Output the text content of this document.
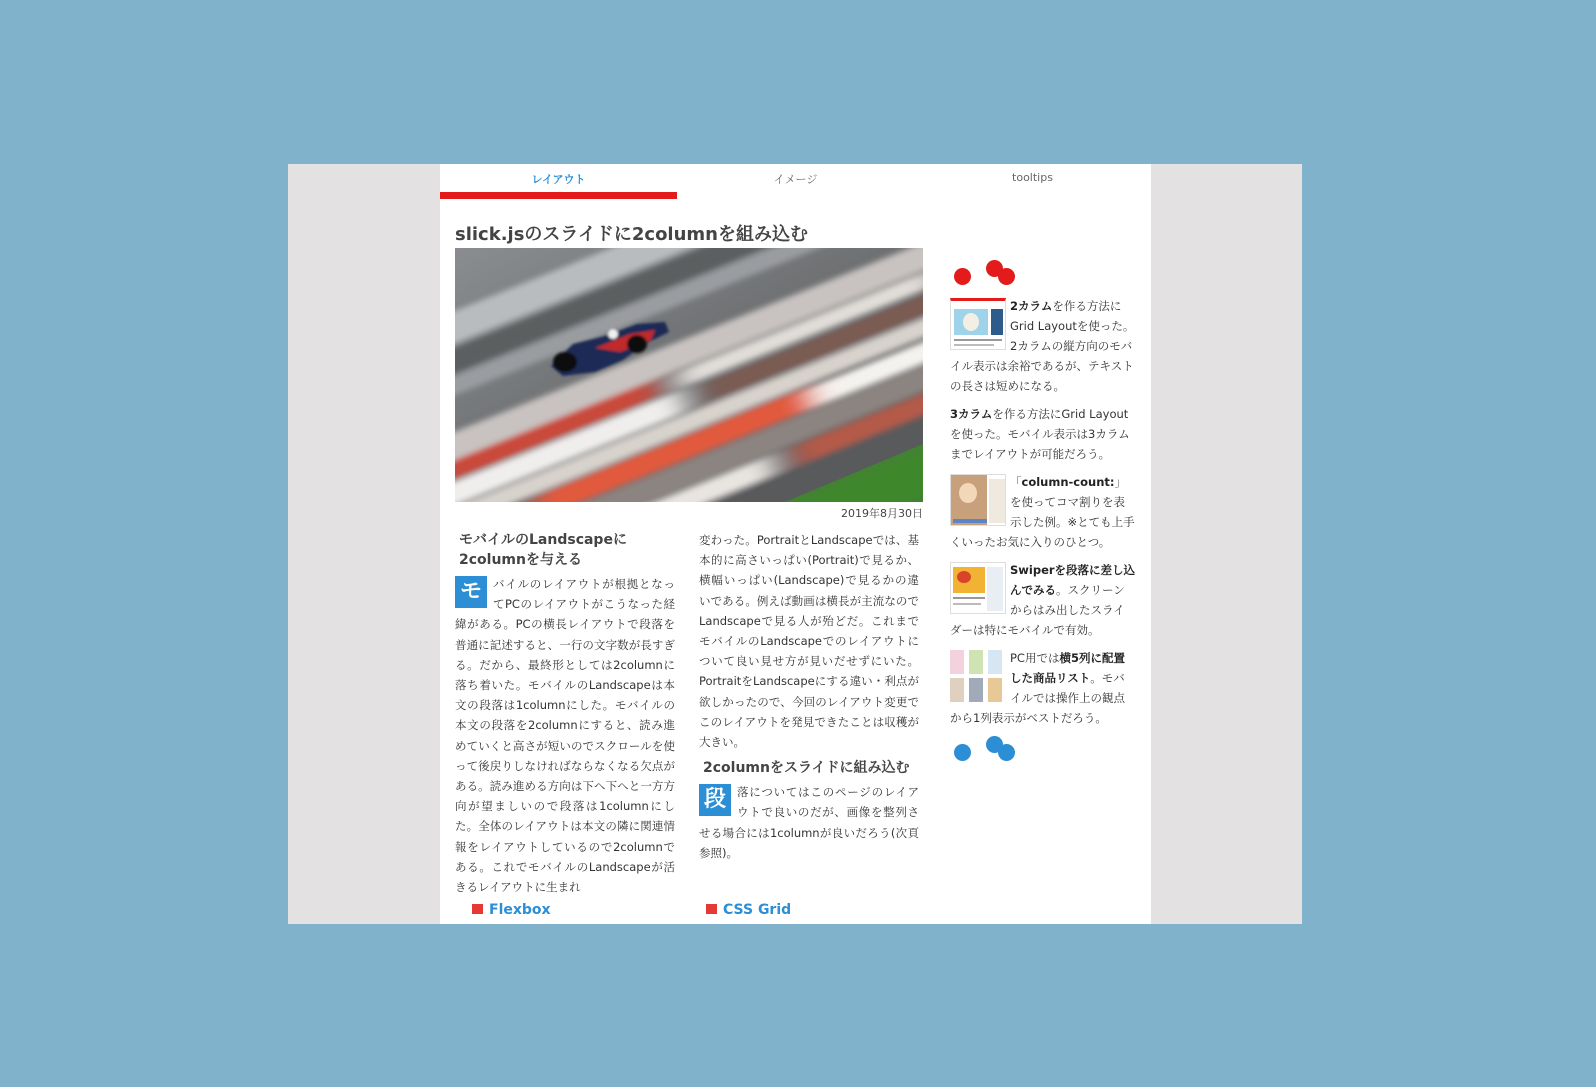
レイアウト	イメージ	tooltips
slick.jsのスライドに2columnを組み込む
2019年8月30日
モバイルのLandscapeに2columnを与える

モ バイルのレイアウトが根拠となってPCのレイアウトがこうなった経緯がある。PCの横長レイアウトで段落を普通に記述すると、一行の文字数が長すぎる。だから、最終形としては2columnに落ち着いた。モバイルのLandscapeは本文の段落は1columnにした。モバイルの本文の段落を2columnにすると、読み進めていくと高さが短いのでスクロールを使って後戻りしなければならなくなる欠点がある。読み進める方向は下へ下へと一方方向が望ましいので段落は1columnにした。全体のレイアウトは本文の隣に関連情報をレイアウトしているので2columnである。これでモバイルのLandscapeが活きるレイアウトに生まれ

変わった。PortraitとLandscapeでは、基本的に高さいっぱい(Portrait)で見るか、横幅いっぱい(Landscape)で見るかの違いである。例えば動画は横長が主流なのでLandscapeで見る人が殆どだ。これまでモバイルのLandscapeでのレイアウトについて良い見せ方が見いだせずにいた。PortraitをLandscapeにする違い・利点が欲しかったので、今回のレイアウト変更でこのレイアウトを発見できたことは収穫が大きい。

2columnをスライドに組み込む

段 落についてはこのページのレイアウトで良いのだが、画像を整列させる場合には1columnが良いだろう(次頁参照)。

Flexbox	CSS Grid
2カラムを作る方法にGrid Layoutを使った。2カラムの縦方向のモバイル表示は余裕であるが、テキストの長さは短めになる。
3カラムを作る方法にGrid Layoutを使った。モバイル表示は3カラムまでレイアウトが可能だろう。
「column-count:」を使ってコマ割りを表示した例。※とても上手くいったお気に入りのひとつ。
Swiperを段落に差し込んでみる。スクリーンからはみ出したスライダーは特にモバイルで有効。
PC用では横5列に配置した商品リスト。モバイルでは操作上の観点から1列表示がベストだろう。
